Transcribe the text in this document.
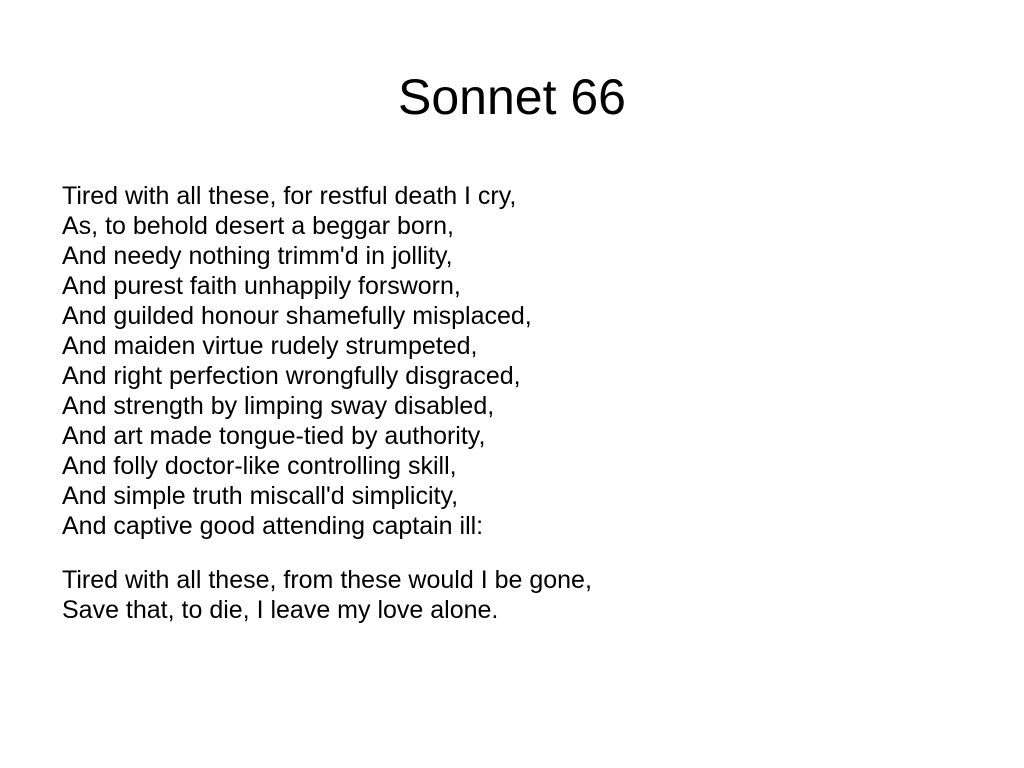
Sonnet 66
Tired with all these, for restful death I cry,
As, to behold desert a beggar born,
And needy nothing trimm'd in jollity,
And purest faith unhappily forsworn,
And guilded honour shamefully misplaced,
And maiden virtue rudely strumpeted,
And right perfection wrongfully disgraced,
And strength by limping sway disabled,
And art made tongue-tied by authority,
And folly doctor-like controlling skill,
And simple truth miscall'd simplicity,
And captive good attending captain ill:
Tired with all these, from these would I be gone,
Save that, to die, I leave my love alone.
